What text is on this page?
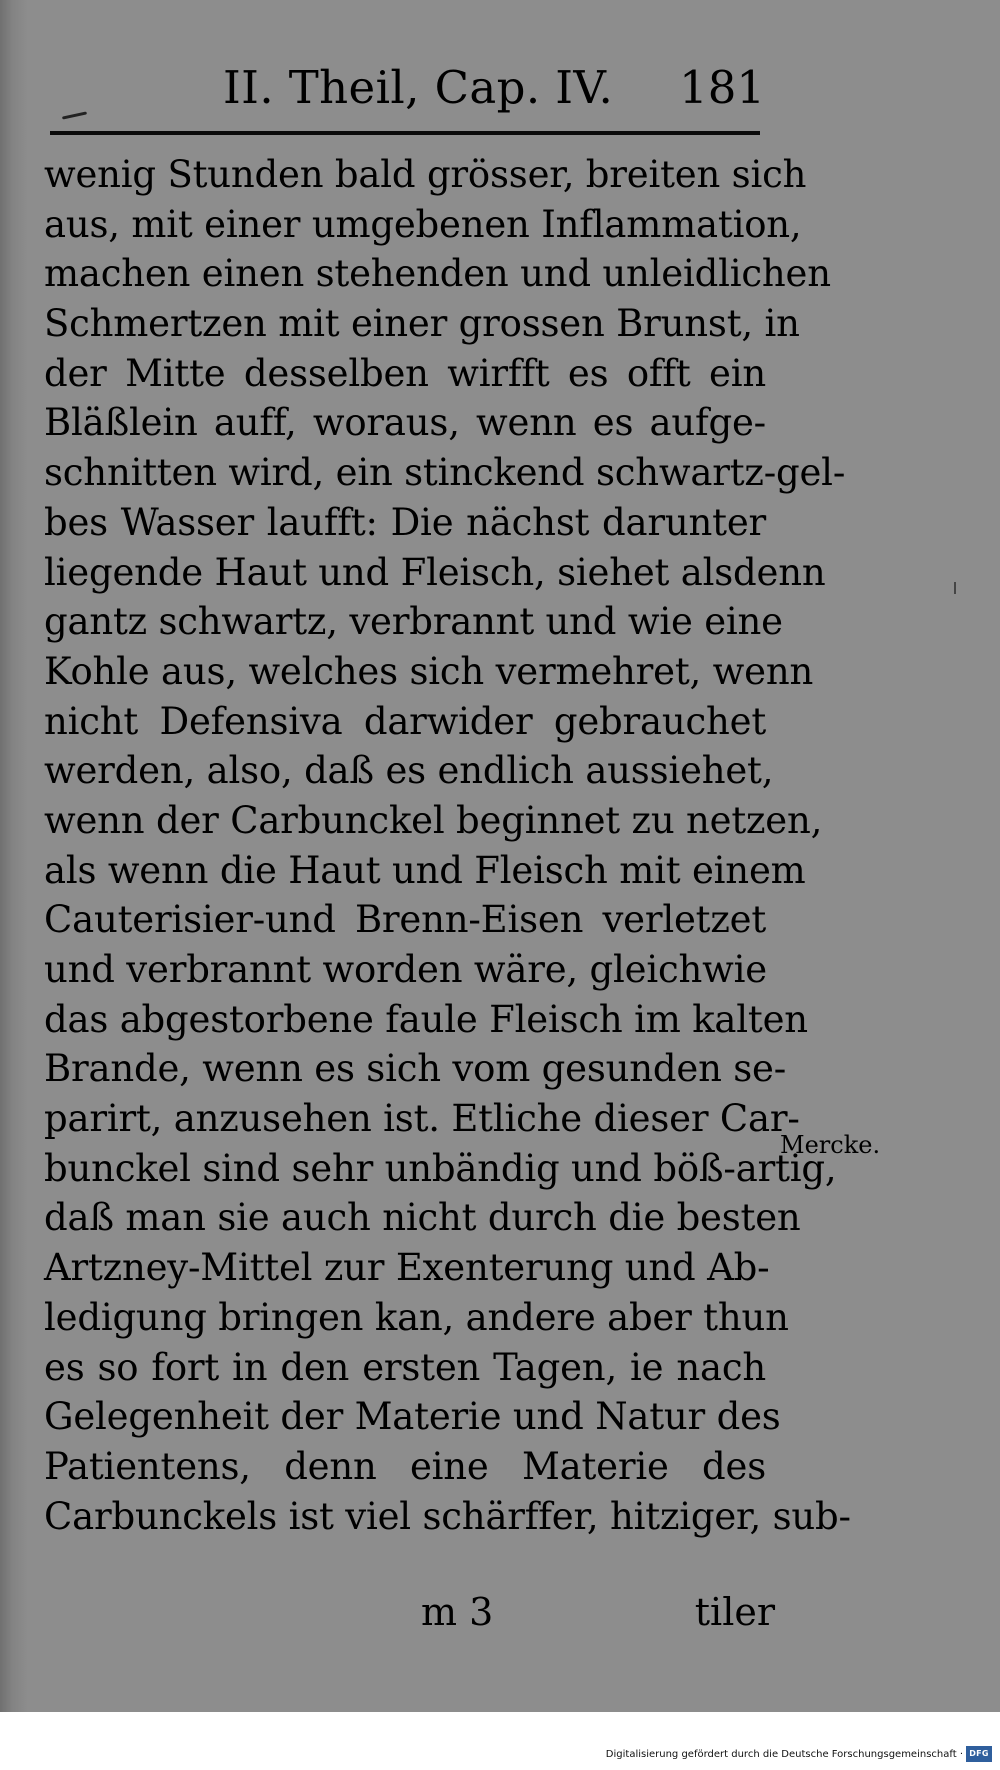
II. Theil, Cap. IV. 181
wenig Stunden bald grösser, breiten sich
aus, mit einer umgebenen Inflammation,
machen einen stehenden und unleidlichen
Schmertzen mit einer grossen Brunst, in
der Mitte desselben wirfft es offt ein
Bläßlein auff, woraus, wenn es aufge-
schnitten wird, ein stinckend schwartz-gel-
bes Wasser laufft: Die nächst darunter
liegende Haut und Fleisch, siehet alsdenn
gantz schwartz, verbrannt und wie eine
Kohle aus, welches sich vermehret, wenn
nicht Defensiva darwider gebrauchet
werden, also, daß es endlich aussiehet,
wenn der Carbunckel beginnet zu netzen,
als wenn die Haut und Fleisch mit einem
Cauterisier-und Brenn-Eisen verletzet
und verbrannt worden wäre, gleichwie
das abgestorbene faule Fleisch im kalten
Brande, wenn es sich vom gesunden se-
parirt, anzusehen ist. Etliche dieser Car-
bunckel sind sehr unbändig und böß-artig,
daß man sie auch nicht durch die besten
Artzney-Mittel zur Exenterung und Ab-
ledigung bringen kan, andere aber thun
es so fort in den ersten Tagen, ie nach
Gelegenheit der Materie und Natur des
Patientens, denn eine Materie des
Carbunckels ist viel schärffer, hitziger, sub-
Mercke.
m 3	tiler
Digitalisierung gefördert durch die Deutsche Forschungsgemeinschaft · DFG
